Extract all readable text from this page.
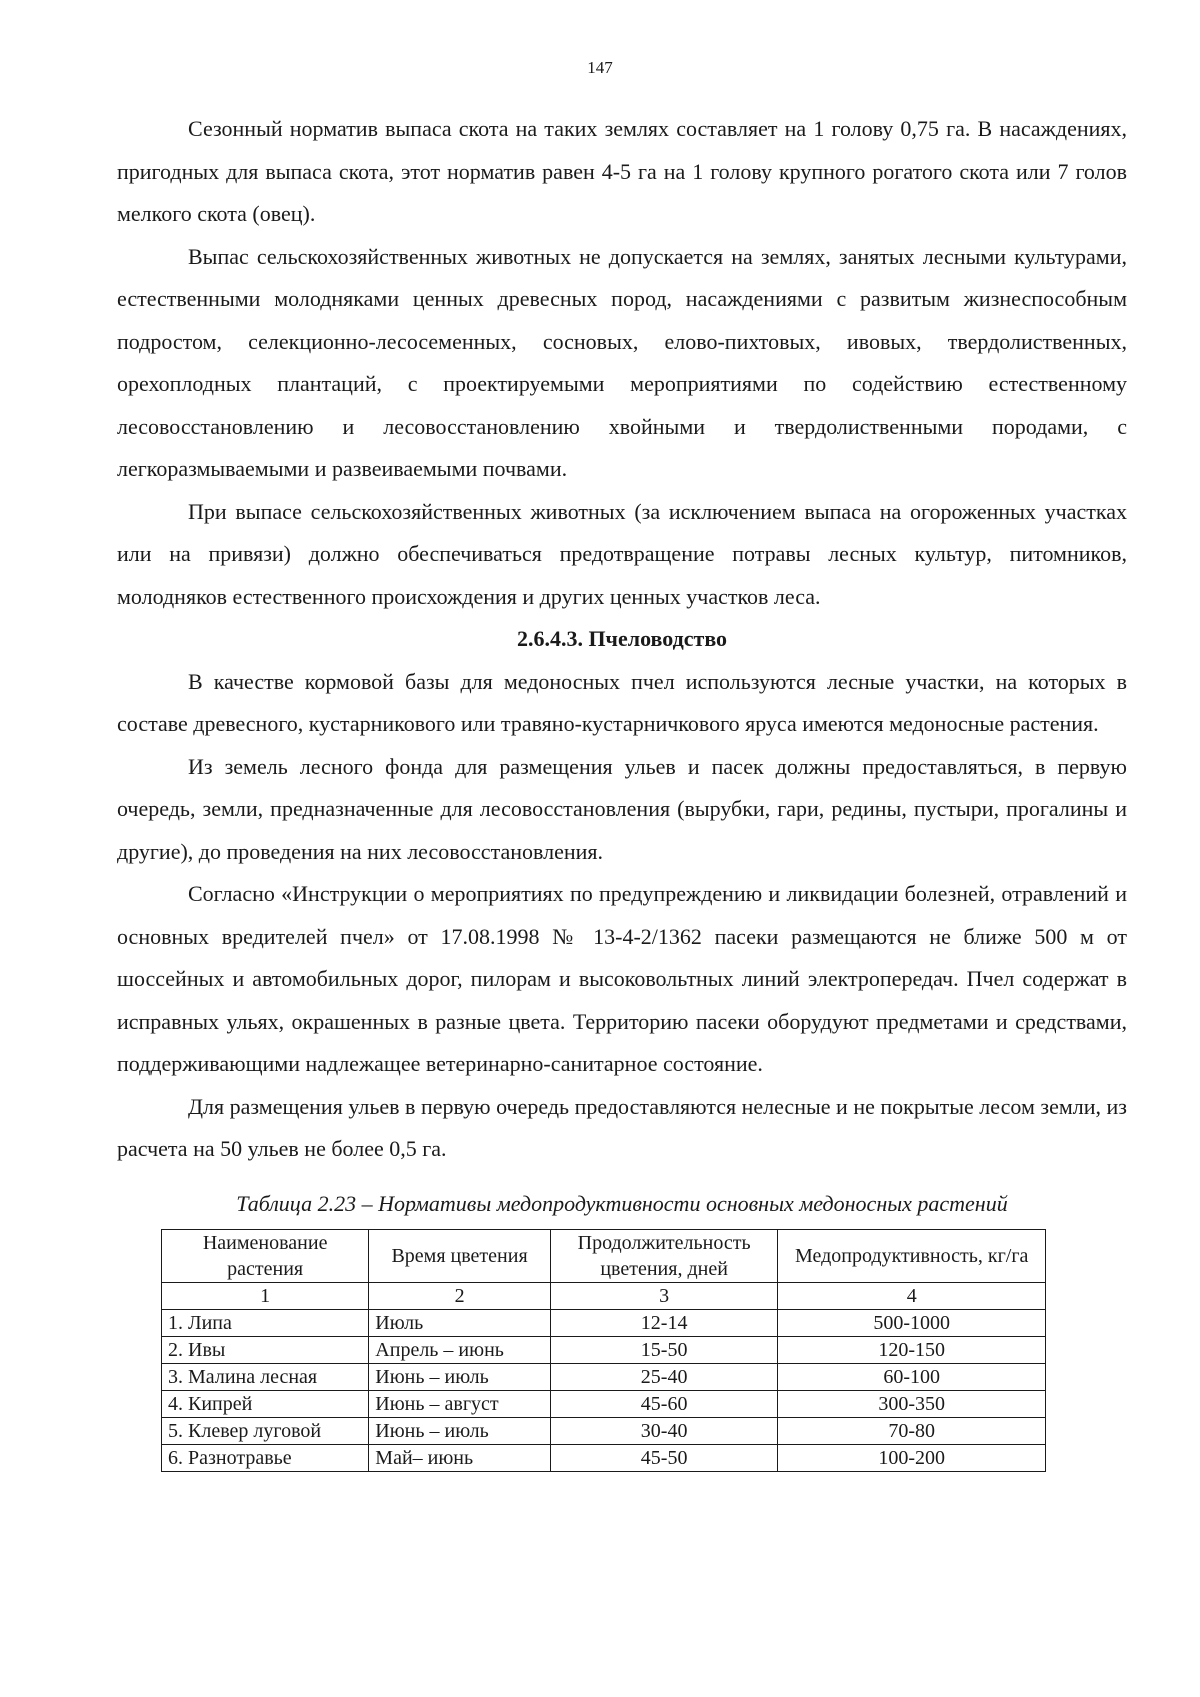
147

Сезонный норматив выпаса скота на таких землях составляет на 1 голову 0,75 га. В насаждениях, пригодных для выпаса скота, этот норматив равен 4-5 га на 1 голову крупного рогатого скота или 7 голов мелкого скота (овец).

Выпас сельскохозяйственных животных не допускается на землях, занятых лесными культурами, естественными молодняками ценных древесных пород, насаждениями с развитым жизнеспособным подростом, селекционно-лесосеменных, сосновых, елово-пихтовых, ивовых, твердолиственных, орехоплодных плантаций, с проектируемыми мероприятиями по содействию естественному лесовосстановлению и лесовосстановлению хвойными и твердолиственными породами, с легкоразмываемыми и развеиваемыми почвами.

При выпасе сельскохозяйственных животных (за исключением выпаса на огороженных участках или на привязи) должно обеспечиваться предотвращение потравы лесных культур, питомников, молодняков естественного происхождения и других ценных участков леса.

2.6.4.3. Пчеловодство

В качестве кормовой базы для медоносных пчел используются лесные участки, на которых в составе древесного, кустарникового или травяно-кустарничкового яруса имеются медоносные растения.

Из земель лесного фонда для размещения ульев и пасек должны предоставляться, в первую очередь, земли, предназначенные для лесовосстановления (вырубки, гари, редины, пустыри, прогалины и другие), до проведения на них лесовосстановления.

Согласно «Инструкции о мероприятиях по предупреждению и ликвидации болезней, отравлений и основных вредителей пчел» от 17.08.1998 № 13-4-2/1362 пасеки размещаются не ближе 500 м от шоссейных и автомобильных дорог, пилорам и высоковольтных линий электропередач. Пчел содержат в исправных ульях, окрашенных в разные цвета. Территорию пасеки оборудуют предметами и средствами, поддерживающими надлежащее ветеринарно-санитарное состояние.

Для размещения ульев в первую очередь предоставляются нелесные и не покрытые лесом земли, из расчета на 50 ульев не более 0,5 га.

Таблица 2.23 – Нормативы медопродуктивности основных медоносных растений
Наименование растения	Время цветения	Продолжительность цветения, дней	Медопродуктивность, кг/га
1	2	3	4
1. Липа	Июль	12-14	500-1000
2. Ивы	Апрель – июнь	15-50	120-150
3. Малина лесная	Июнь – июль	25-40	60-100
4. Кипрей	Июнь – август	45-60	300-350
5. Клевер луговой	Июнь – июль	30-40	70-80
6. Разнотравье	Май– июнь	45-50	100-200
